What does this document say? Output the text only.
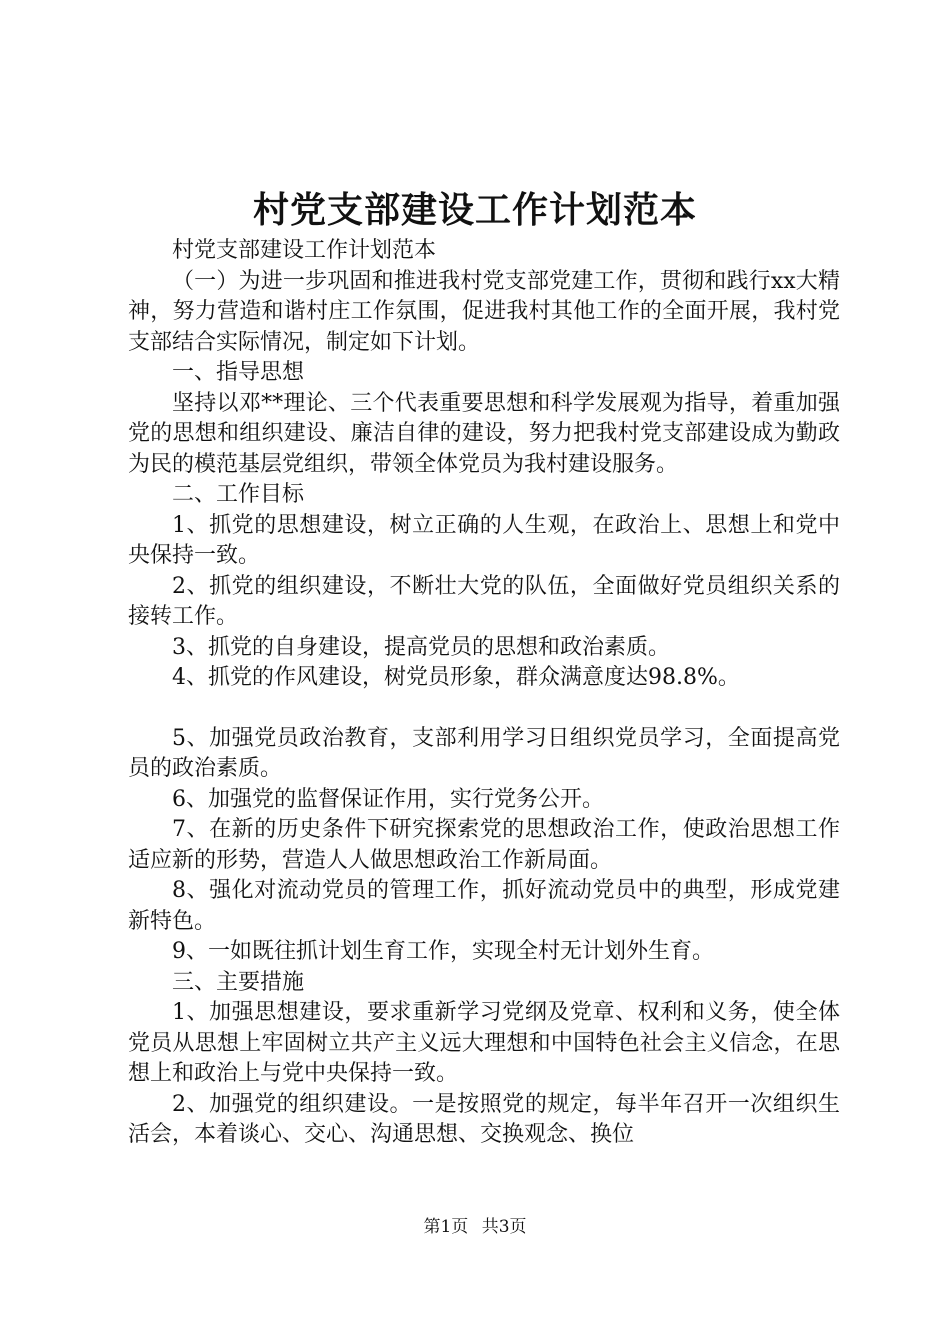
村党支部建设工作计划范本

村党支部建设工作计划范本

（一）为进一步巩固和推进我村党支部党建工作，贯彻和践行xx大精神，努力营造和谐村庄工作氛围，促进我村其他工作的全面开展，我村党支部结合实际情况，制定如下计划。

一、指导思想

坚持以邓**理论、三个代表重要思想和科学发展观为指导，着重加强党的思想和组织建设、廉洁自律的建设，努力把我村党支部建设成为勤政为民的模范基层党组织，带领全体党员为我村建设服务。

二、工作目标

1、抓党的思想建设，树立正确的人生观，在政治上、思想上和党中央保持一致。

2、抓党的组织建设，不断壮大党的队伍，全面做好党员组织关系的接转工作。

3、抓党的自身建设，提高党员的思想和政治素质。

4、抓党的作风建设，树党员形象，群众满意度达98.8%。

5、加强党员政治教育，支部利用学习日组织党员学习，全面提高党员的政治素质。

6、加强党的监督保证作用，实行党务公开。

7、在新的历史条件下研究探索党的思想政治工作，使政治思想工作适应新的形势，营造人人做思想政治工作新局面。

8、强化对流动党员的管理工作，抓好流动党员中的典型，形成党建新特色。

9、一如既往抓计划生育工作，实现全村无计划外生育。

三、主要措施

1、加强思想建设，要求重新学习党纲及党章、权利和义务，使全体党员从思想上牢固树立共产主义远大理想和中国特色社会主义信念，在思想上和政治上与党中央保持一致。

2、加强党的组织建设。一是按照党的规定，每半年召开一次组织生活会，本着谈心、交心、沟通思想、交换观念、换位

第1页 共3页
